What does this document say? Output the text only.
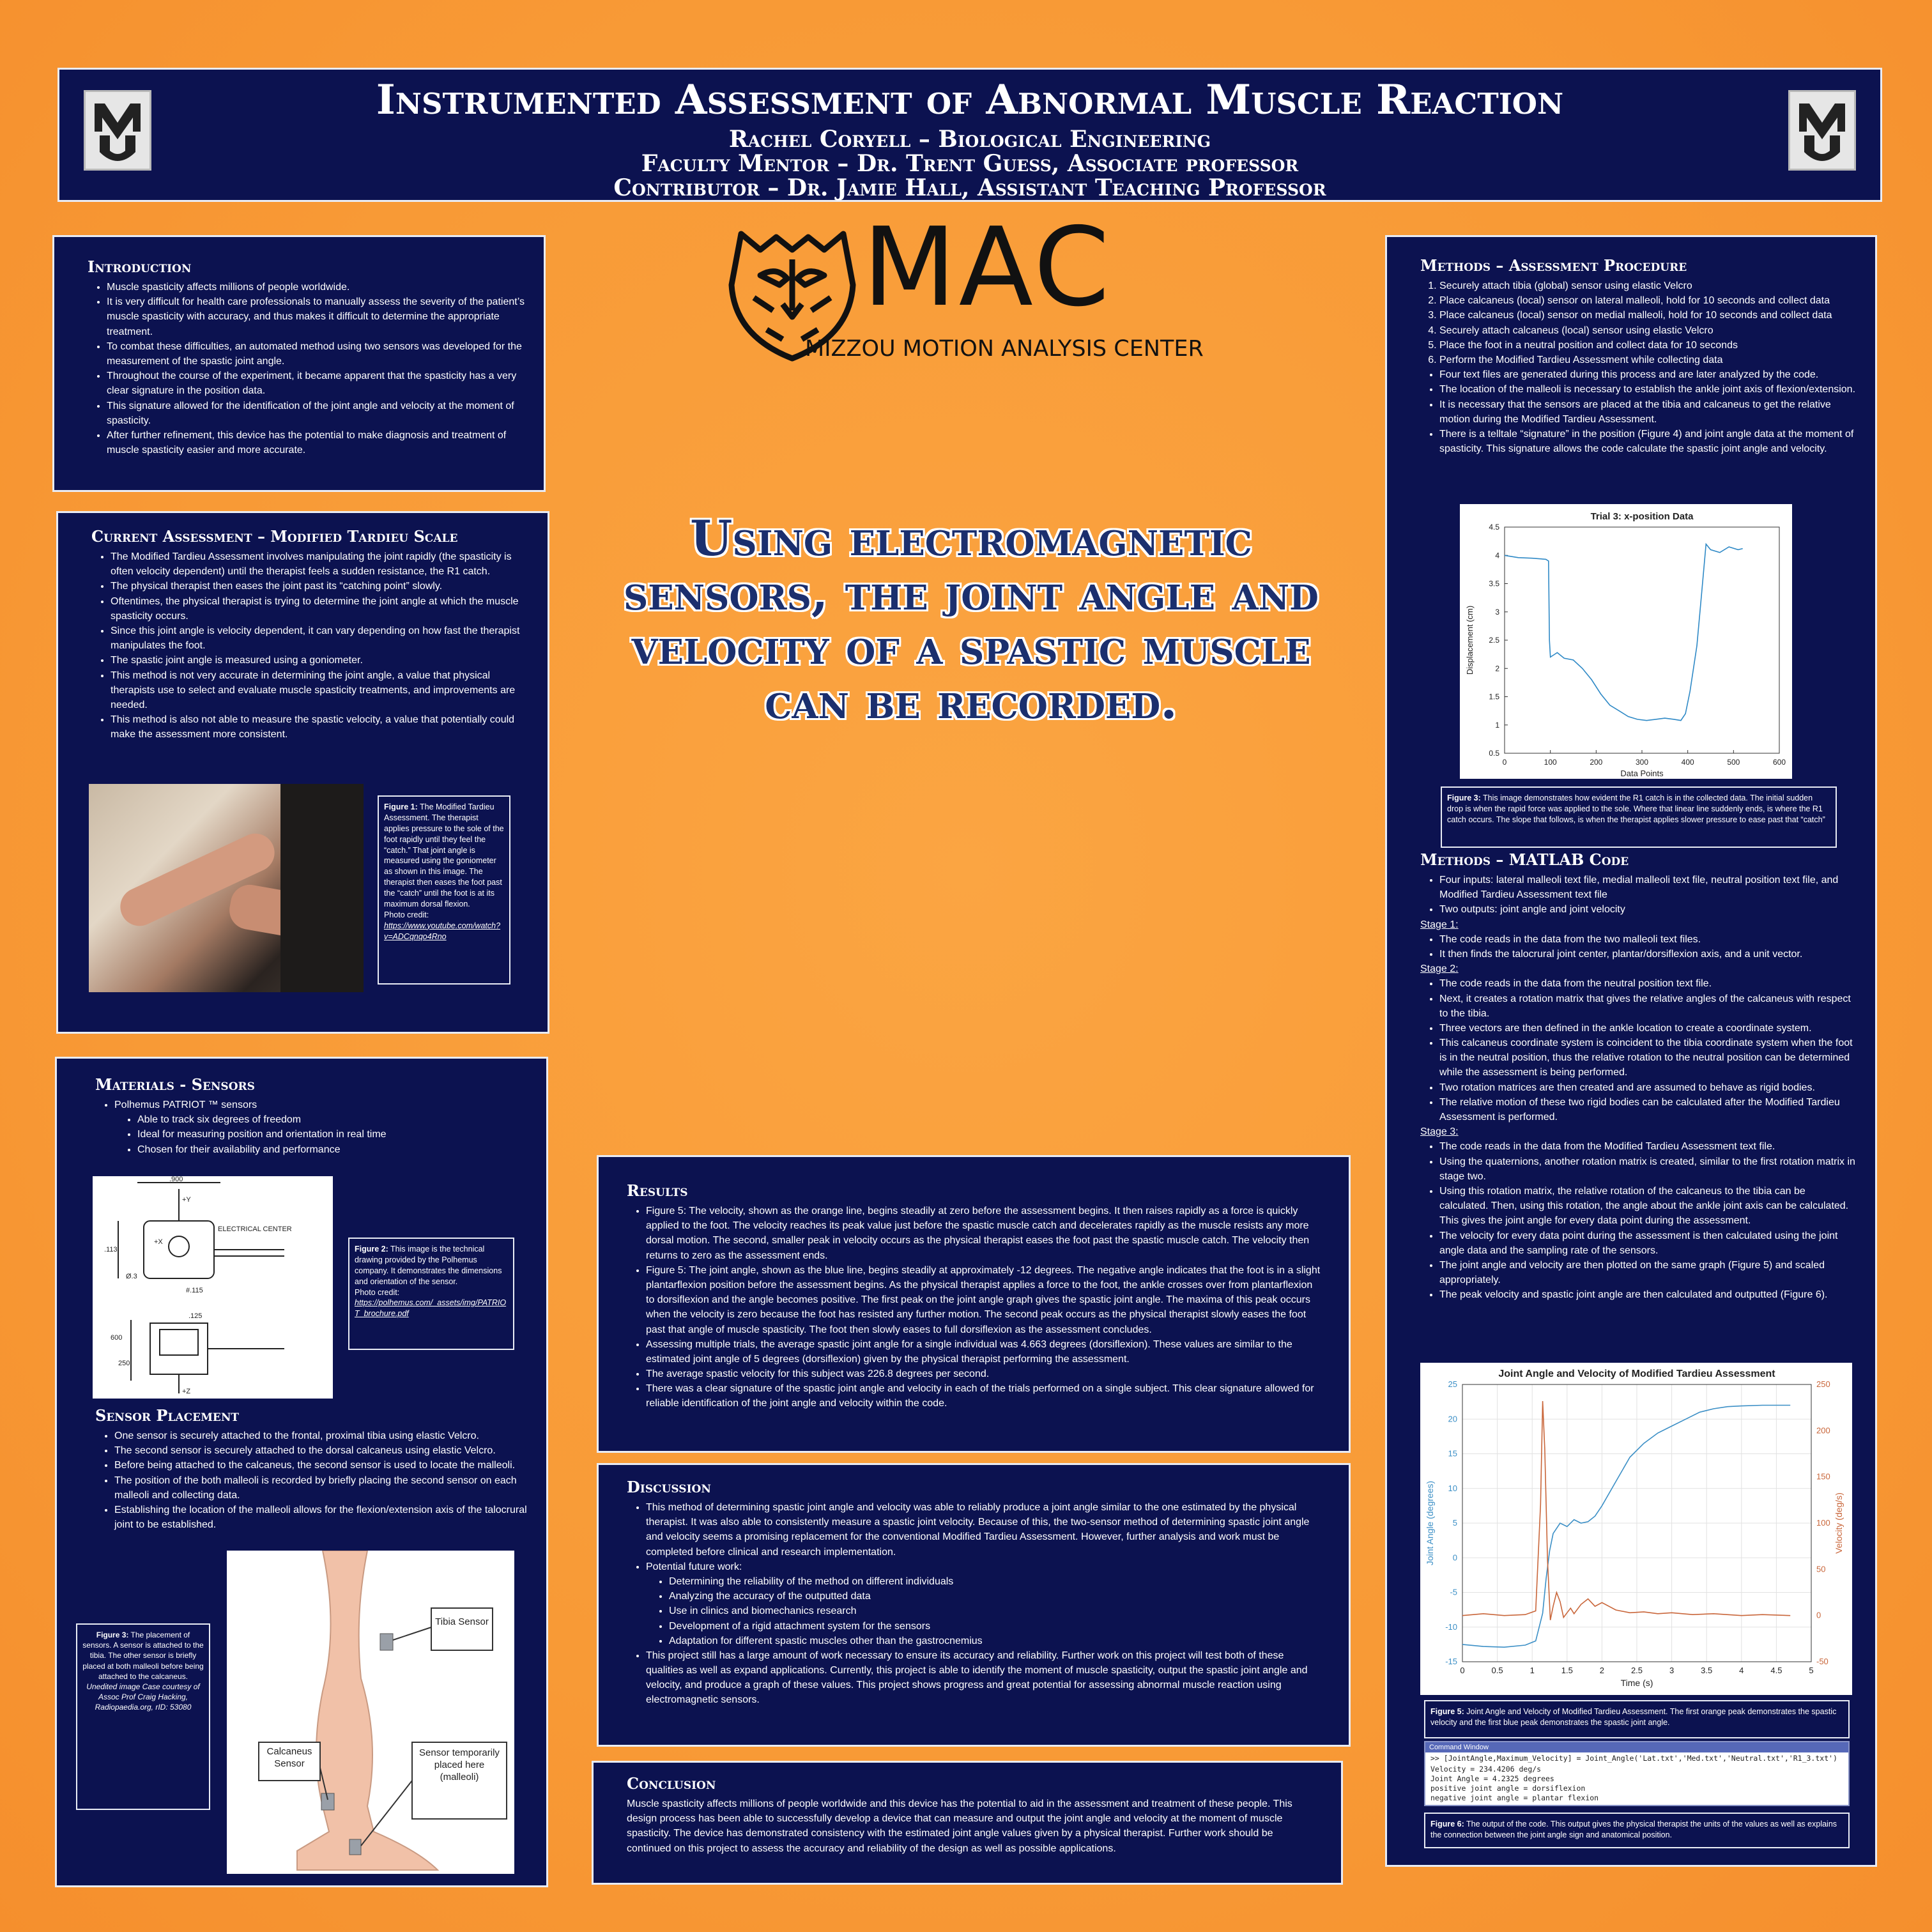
Instrumented Assessment of Abnormal Muscle Reaction
Rachel Coryell – Biological Engineering
Faculty Mentor – Dr. Trent Guess, Associate professor
Contributor – Dr. Jamie Hall, Assistant Teaching Professor
MAC
MIZZOU MOTION ANALYSIS CENTER
Using electromagnetic sensors, the joint angle and velocity of a spastic muscle can be recorded.
Introduction
• Muscle spasticity affects millions of people worldwide.
• It is very difficult for health care professionals to manually assess the severity of the patient’s muscle spasticity with accuracy, and thus makes it difficult to determine the appropriate treatment.
• To combat these difficulties, an automated method using two sensors was developed for the measurement of the spastic joint angle.
• Throughout the course of the experiment, it became apparent that the spasticity has a very clear signature in the position data.
• This signature allowed for the identification of the joint angle and velocity at the moment of spasticity.
• After further refinement, this device has the potential to make diagnosis and treatment of muscle spasticity easier and more accurate.
Current Assessment – Modified Tardieu Scale
• The Modified Tardieu Assessment involves manipulating the joint rapidly (the spasticity is often velocity dependent) until the therapist feels a sudden resistance, the R1 catch.
• The physical therapist then eases the joint past its “catching point” slowly.
• Oftentimes, the physical therapist is trying to determine the joint angle at which the muscle spasticity occurs.
• Since this joint angle is velocity dependent, it can vary depending on how fast the therapist manipulates the foot.
• The spastic joint angle is measured using a goniometer.
• This method is not very accurate in determining the joint angle, a value that physical therapists use to select and evaluate muscle spasticity treatments, and improvements are needed.
• This method is also not able to measure the spastic velocity, a value that potentially could make the assessment more consistent.
Figure 1: The Modified Tardieu Assessment. The therapist applies pressure to the sole of the foot rapidly until they feel the “catch.” That joint angle is measured using the goniometer as shown in this image. The therapist then eases the foot past the “catch” until the foot is at its maximum dorsal flexion.
Photo credit:
https://www.youtube.com/watch?v=ADCqnqo4Rno
Materials - Sensors
• Polhemus PATRIOT ™ sensors
• Able to track six degrees of freedom
• Ideal for measuring position and orientation in real time
• Chosen for their availability and performance
.900
+Y
+X
ELECTRICAL CENTER
.113
Ø.3
#.115
.125
600
250
+Z
Figure 2: This image is the technical drawing provided by the Polhemus company. It demonstrates the dimensions and orientation of the sensor.
Photo credit:
https://polhemus.com/_assets/img/PATRIOT_brochure.pdf
Sensor Placement
• One sensor is securely attached to the frontal, proximal tibia using elastic Velcro.
• The second sensor is securely attached to the dorsal calcaneus using elastic Velcro.
• Before being attached to the calcaneus, the second sensor is used to locate the malleoli.
• The position of the both malleoli is recorded by briefly placing the second sensor on each malleoli and collecting data.
• Establishing the location of the malleoli allows for the flexion/extension axis of the talocrural joint to be established.
Tibia Sensor
Sensor temporarily placed here (malleoli)
Calcaneus Sensor
Figure 3: The placement of sensors. A sensor is attached to the tibia. The other sensor is briefly placed at both malleoli before being attached to the calcaneus.
Unedited image Case courtesy of Assoc Prof Craig Hacking, Radiopaedia.org, rID: 53080
Results
• Figure 5: The velocity, shown as the orange line, begins steadily at zero before the assessment begins. It then raises rapidly as a force is quickly applied to the foot. The velocity reaches its peak value just before the spastic muscle catch and decelerates rapidly as the muscle resists any more dorsal motion. The second, smaller peak in velocity occurs as the physical therapist eases the foot past the spastic muscle catch. The velocity then returns to zero as the assessment ends.
• Figure 5: The joint angle, shown as the blue line, begins steadily at approximately -12 degrees. The negative angle indicates that the foot is in a slight plantarflexion position before the assessment begins. As the physical therapist applies a force to the foot, the ankle crosses over from plantarflexion to dorsiflexion and the angle becomes positive. The first peak on the joint angle graph gives the spastic joint angle. The maxima of this peak occurs when the velocity is zero because the foot has resisted any further motion. The second peak occurs as the physical therapist slowly eases the foot past that angle of muscle spasticity. The foot then slowly eases to full dorsiflexion as the assessment concludes.
• Assessing multiple trials, the average spastic joint angle for a single individual was 4.663 degrees (dorsiflexion). These values are similar to the estimated joint angle of 5 degrees (dorsiflexion) given by the physical therapist performing the assessment.
• The average spastic velocity for this subject was 226.8 degrees per second.
• There was a clear signature of the spastic joint angle and velocity in each of the trials performed on a single subject. This clear signature allowed for reliable identification of the joint angle and velocity within the code.
Discussion
• This method of determining spastic joint angle and velocity was able to reliably produce a joint angle similar to the one estimated by the physical therapist. It was also able to consistently measure a spastic joint velocity. Because of this, the two-sensor method of determining spastic joint angle and velocity seems a promising replacement for the conventional Modified Tardieu Assessment. However, further analysis and work must be completed before clinical and research implementation.
• Potential future work:
• Determining the reliability of the method on different individuals
• Analyzing the accuracy of the outputted data
• Use in clinics and biomechanics research
• Development of a rigid attachment system for the sensors
• Adaptation for different spastic muscles other than the gastrocnemius
• This project still has a large amount of work necessary to ensure its accuracy and reliability. Further work on this project will test both of these qualities as well as expand applications. Currently, this project is able to identify the moment of muscle spasticity, output the spastic joint angle and velocity, and produce a graph of these values. This project shows progress and great potential for assessing abnormal muscle reaction using electromagnetic sensors.
Conclusion
Muscle spasticity affects millions of people worldwide and this device has the potential to aid in the assessment and treatment of these people. This design process has been able to successfully develop a device that can measure and output the joint angle and velocity at the moment of muscle spasticity. The device has demonstrated consistency with the estimated joint angle values given by a physical therapist. Further work should be continued on this project to assess the accuracy and reliability of the design as well as possible applications.
Methods – Assessment Procedure
1. Securely attach tibia (global) sensor using elastic Velcro
2. Place calcaneus (local) sensor on lateral malleoli, hold for 10 seconds and collect data
3. Place calcaneus (local) sensor on medial malleoli, hold for 10 seconds and collect data
4. Securely attach calcaneus (local) sensor using elastic Velcro
5. Place the foot in a neutral position and collect data for 10 seconds
6. Perform the Modified Tardieu Assessment while collecting data
• Four text files are generated during this process and are later analyzed by the code.
• The location of the malleoli is necessary to establish the ankle joint axis of flexion/extension.
• It is necessary that the sensors are placed at the tibia and calcaneus to get the relative motion during the Modified Tardieu Assessment.
• There is a telltale “signature” in the position (Figure 4) and joint angle data at the moment of spasticity. This signature allows the code calculate the spastic joint angle and velocity.
Trial 3: x-position Data
0	100	200	300	400	500	600
0.5
1
1.5
2
2.5
3
3.5
4
4.5
Data Points
Displacement (cm)
Figure 3: This image demonstrates how evident the R1 catch is in the collected data. The initial sudden drop is when the rapid force was applied to the sole. Where that linear line suddenly ends, is where the R1 catch occurs. The slope that follows, is when the therapist applies slower pressure to ease past that “catch”
Methods – MATLAB Code
• Four inputs: lateral malleoli text file, medial malleoli text file, neutral position text file, and Modified Tardieu Assessment text file
• Two outputs: joint angle and joint velocity
Stage 1:
• The code reads in the data from the two malleoli text files.
• It then finds the talocrural joint center, plantar/dorsiflexion axis, and a unit vector.
Stage 2:
• The code reads in the data from the neutral position text file.
• Next, it creates a rotation matrix that gives the relative angles of the calcaneus with respect to the tibia.
• Three vectors are then defined in the ankle location to create a coordinate system.
• This calcaneus coordinate system is coincident to the tibia coordinate system when the foot is in the neutral position, thus the relative rotation to the neutral position can be determined while the assessment is being performed.
• Two rotation matrices are then created and are assumed to behave as rigid bodies.
• The relative motion of these two rigid bodies can be calculated after the Modified Tardieu Assessment is performed.
Stage 3:
• The code reads in the data from the Modified Tardieu Assessment text file.
• Using the quaternions, another rotation matrix is created, similar to the first rotation matrix in stage two.
• Using this rotation matrix, the relative rotation of the calcaneus to the tibia can be calculated. Then, using this rotation, the angle about the ankle joint axis can be calculated. This gives the joint angle for every data point during the assessment.
• The velocity for every data point during the assessment is then calculated using the joint angle data and the sampling rate of the sensors.
• The joint angle and velocity are then plotted on the same graph (Figure 5) and scaled appropriately.
• The peak velocity and spastic joint angle are then calculated and outputted (Figure 6).
Joint Angle and Velocity of Modified Tardieu Assessment
0	0.5	1	1.5	2	2.5	3	3.5	4	4.5	5
-15
-10
-5
0
5
10
15
20
25
-50
0
50
100
150
200
250
Time (s)
Joint Angle (degrees)	Velocity (deg/s)
Figure 5: Joint Angle and Velocity of Modified Tardieu Assessment. The first orange peak demonstrates the spastic velocity and the first blue peak demonstrates the spastic joint angle.
Command Window
>> [JointAngle,Maximum_Velocity] = Joint_Angle('Lat.txt','Med.txt','Neutral.txt','R1_3.txt')
Velocity = 234.4206 deg/s
Joint Angle = 4.2325 degrees
positive joint angle = dorsiflexion
negative joint angle = plantar flexion
Figure 6: The output of the code. This output gives the physical therapist the units of the values as well as explains the connection between the joint angle sign and anatomical position.
